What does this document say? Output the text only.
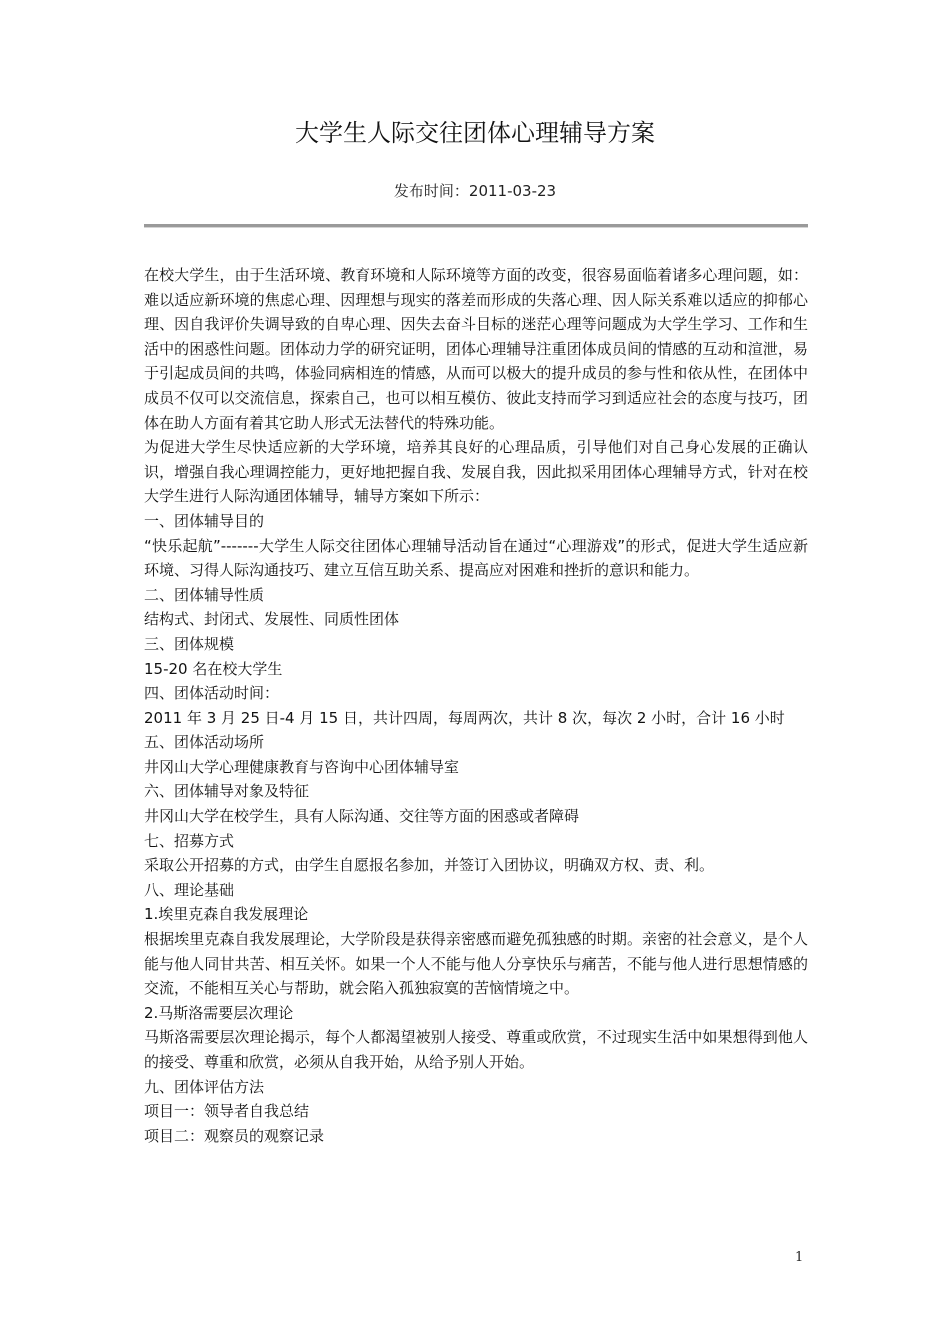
大学生人际交往团体心理辅导方案
发布时间：2011-03-23

在校大学生，由于生活环境、教育环境和人际环境等方面的改变，很容易面临着诸多心理问题，如：难以适应新环境的焦虑心理、因理想与现实的落差而形成的失落心理、因人际关系难以适应的抑郁心理、因自我评价失调导致的自卑心理、因失去奋斗目标的迷茫心理等问题成为大学生学习、工作和生活中的困惑性问题。团体动力学的研究证明，团体心理辅导注重团体成员间的情感的互动和渲泄，易于引起成员间的共鸣，体验同病相连的情感，从而可以极大的提升成员的参与性和依从性，在团体中成员不仅可以交流信息，探索自己，也可以相互模仿、彼此支持而学习到适应社会的态度与技巧，团体在助人方面有着其它助人形式无法替代的特殊功能。

为促进大学生尽快适应新的大学环境，培养其良好的心理品质，引导他们对自己身心发展的正确认识，增强自我心理调控能力，更好地把握自我、发展自我，因此拟采用团体心理辅导方式，针对在校大学生进行人际沟通团体辅导，辅导方案如下所示：

一、团体辅导目的

“快乐起航”-------大学生人际交往团体心理辅导活动旨在通过“心理游戏”的形式，促进大学生适应新环境、习得人际沟通技巧、建立互信互助关系、提高应对困难和挫折的意识和能力。

二、团体辅导性质

结构式、封闭式、发展性、同质性团体

三、团体规模

15-20 名在校大学生

四、团体活动时间：

2011 年 3 月 25 日-4 月 15 日，共计四周，每周两次，共计 8 次，每次 2 小时，合计 16 小时

五、团体活动场所

井冈山大学心理健康教育与咨询中心团体辅导室

六、团体辅导对象及特征

井冈山大学在校学生，具有人际沟通、交往等方面的困惑或者障碍

七、招募方式

采取公开招募的方式，由学生自愿报名参加，并签订入团协议，明确双方权、责、利。

八、理论基础

1.埃里克森自我发展理论

根据埃里克森自我发展理论，大学阶段是获得亲密感而避免孤独感的时期。亲密的社会意义，是个人能与他人同甘共苦、相互关怀。如果一个人不能与他人分享快乐与痛苦，不能与他人进行思想情感的交流，不能相互关心与帮助，就会陷入孤独寂寞的苦恼情境之中。

2.马斯洛需要层次理论

马斯洛需要层次理论揭示，每个人都渴望被别人接受、尊重或欣赏，不过现实生活中如果想得到他人的接受、尊重和欣赏，必须从自我开始，从给予别人开始。

九、团体评估方法

项目一：领导者自我总结

项目二：观察员的观察记录

1
